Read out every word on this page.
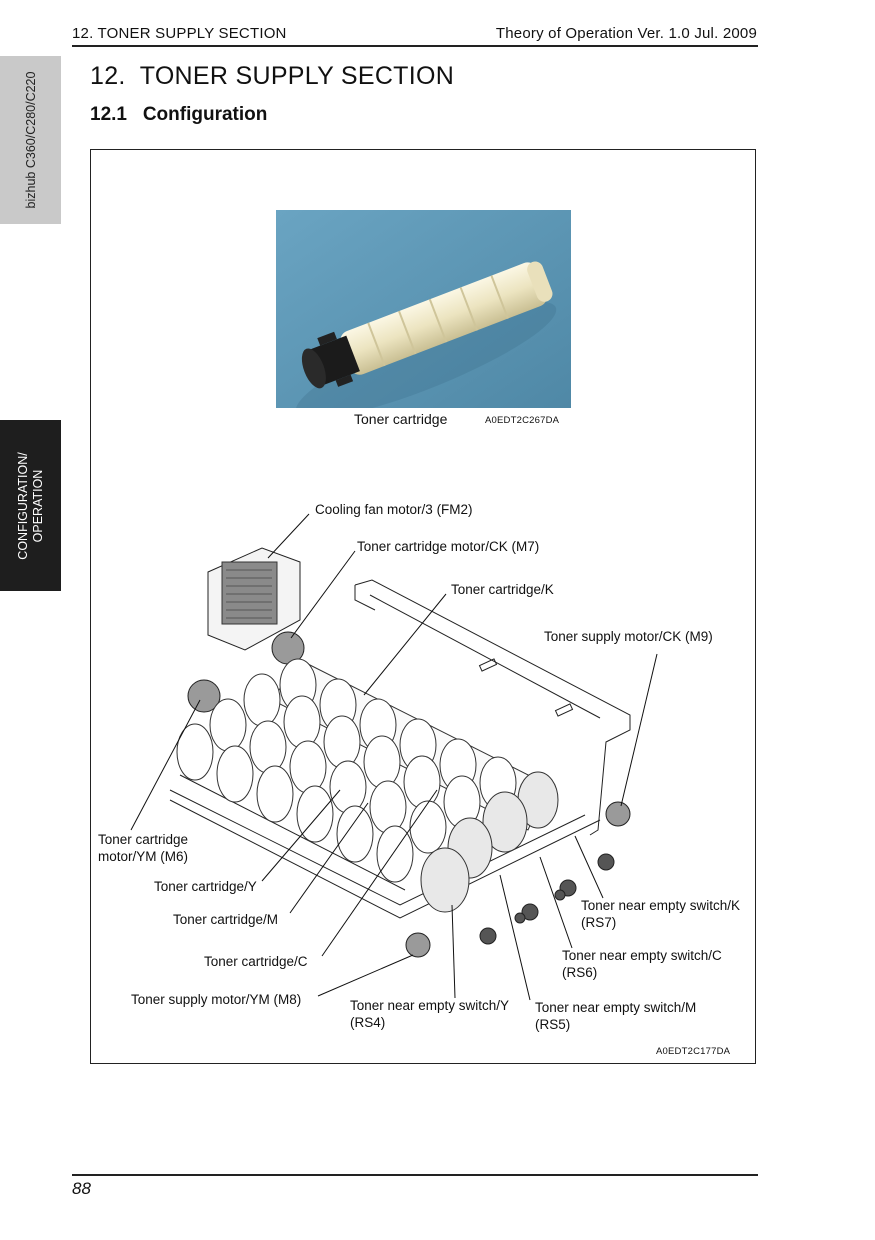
12. TONER SUPPLY SECTION	Theory of Operation Ver. 1.0 Jul. 2009
bizhub C360/C280/C220
CONFIGURATION/ OPERATION
12.  TONER SUPPLY SECTION
12.1   Configuration
Toner cartridge	A0EDT2C267DA
Cooling fan motor/3 (FM2)
Toner cartridge motor/CK (M7)
Toner cartridge/K
Toner supply motor/CK (M9)
Toner cartridge
motor/YM (M6)
Toner cartridge/Y
Toner cartridge/M
Toner cartridge/C
Toner supply motor/YM (M8)	Toner near empty switch/Y
(RS4)
Toner near empty switch/M
(RS5)
Toner near empty switch/C
(RS6)
Toner near empty switch/K
(RS7)
A0EDT2C177DA
88
